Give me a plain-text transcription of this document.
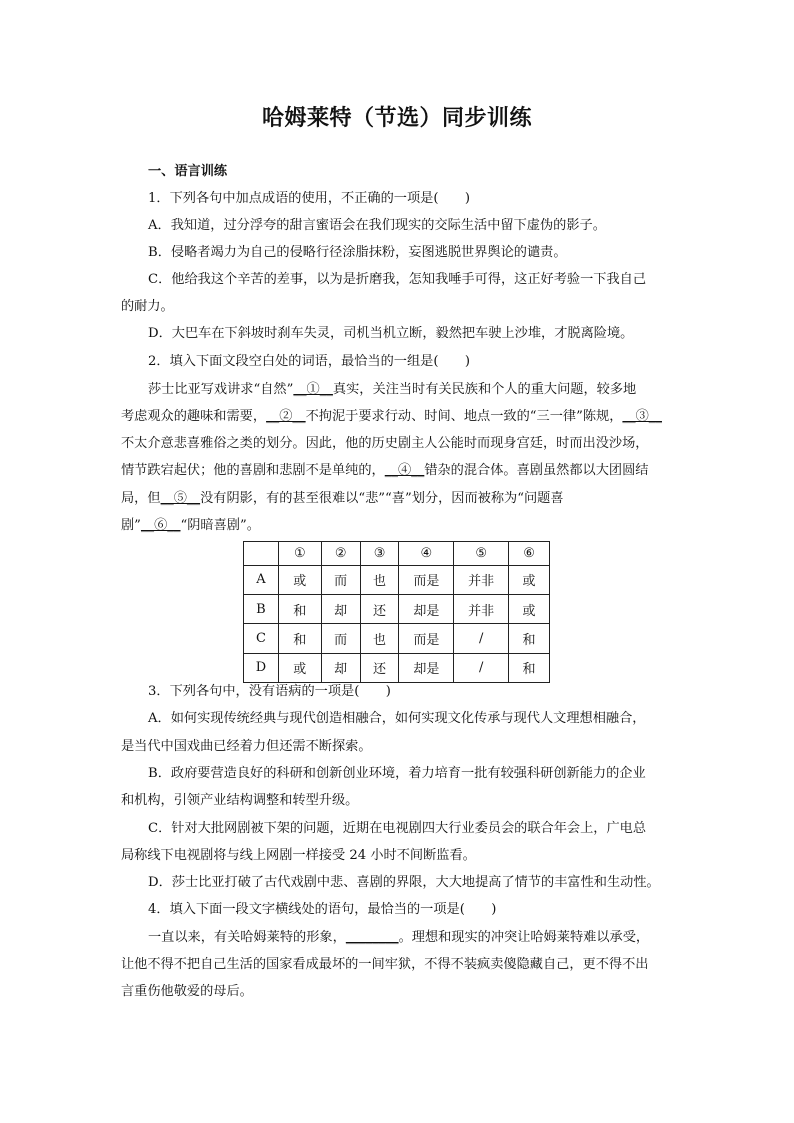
哈姆莱特（节选）同步训练
一、语言训练
1．下列各句中加点成语的使用，不正确的一项是(　　)
A．我知道，过分浮夸的甜言蜜语会在我们现实的交际生活中留下虚伪的影子。
B．侵略者竭力为自己的侵略行径涂脂抹粉，妄图逃脱世界舆论的谴责。
C．他给我这个辛苦的差事，以为是折磨我，怎知我唾手可得，这正好考验一下我自己
的耐力。
D．大巴车在下斜坡时刹车失灵，司机当机立断，毅然把车驶上沙堆，才脱离险境。
2．填入下面文段空白处的词语，最恰当的一组是(　　)
莎士比亚写戏讲求“自然”__①__真实，关注当时有关民族和个人的重大问题，较多地
考虑观众的趣味和需要，__②__不拘泥于要求行动、时间、地点一致的“三一律”陈规，__③__
不太介意悲喜雅俗之类的划分。因此，他的历史剧主人公能时而现身宫廷，时而出没沙场，
情节跌宕起伏；他的喜剧和悲剧不是单纯的，__④__错杂的混合体。喜剧虽然都以大团圆结
局，但__⑤__没有阴影，有的甚至很难以“悲”“喜”划分，因而被称为“问题喜
剧”__⑥__“阴暗喜剧”。
	①	②	③	④	⑤	⑥
A	或	而	也	而是	并非	或
B	和	却	还	却是	并非	或
C	和	而	也	而是	/	和
D	或	却	还	却是	/	和
3．下列各句中，没有语病的一项是(　　)
A．如何实现传统经典与现代创造相融合，如何实现文化传承与现代人文理想相融合，
是当代中国戏曲已经着力但还需不断探索。
B．政府要营造良好的科研和创新创业环境，着力培育一批有较强科研创新能力的企业
和机构，引领产业结构调整和转型升级。
C．针对大批网剧被下架的问题，近期在电视剧四大行业委员会的联合年会上，广电总
局称线下电视剧将与线上网剧一样接受 24 小时不间断监看。
D．莎士比亚打破了古代戏剧中悲、喜剧的界限，大大地提高了情节的丰富性和生动性。
4．填入下面一段文字横线处的语句，最恰当的一项是(　　)
一直以来，有关哈姆莱特的形象，________。理想和现实的冲突让哈姆莱特难以承受，
让他不得不把自己生活的国家看成最坏的一间牢狱，不得不装疯卖傻隐藏自己，更不得不出
言重伤他敬爱的母后。
